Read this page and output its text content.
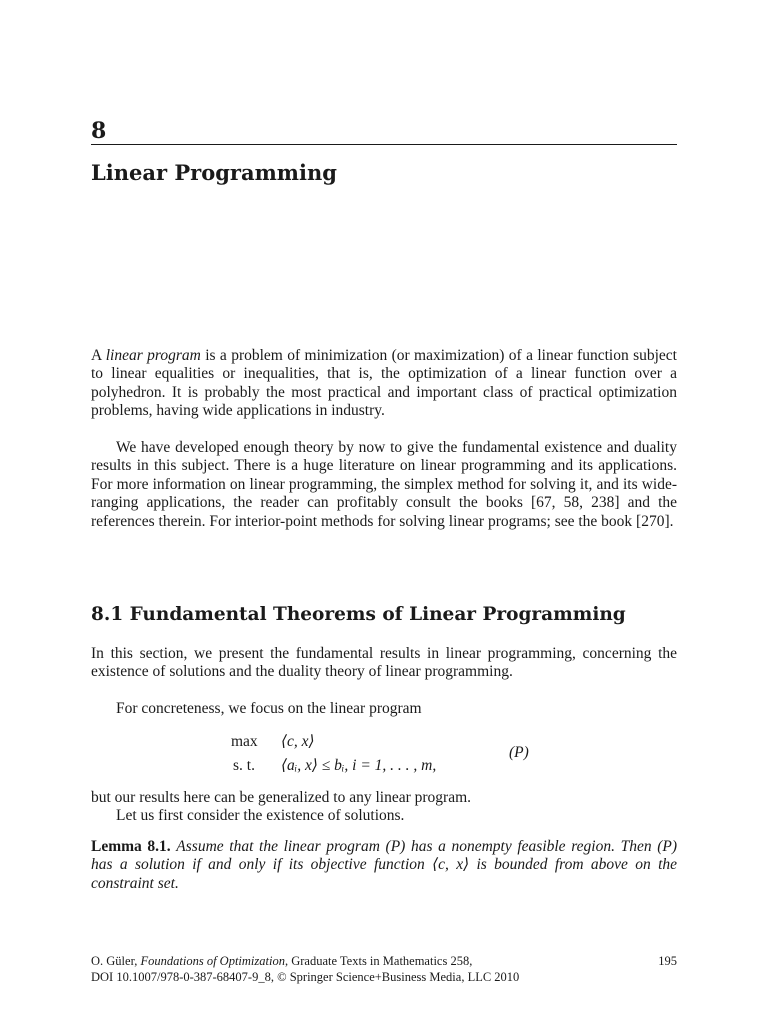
8
Linear Programming

A linear program is a problem of minimization (or maximization) of a linear function subject to linear equalities or inequalities, that is, the optimization of a linear function over a polyhedron. It is probably the most practical and important class of practical optimization problems, having wide applications in industry.

We have developed enough theory by now to give the fundamental existence and duality results in this subject. There is a huge literature on linear programming and its applications. For more information on linear programming, the simplex method for solving it, and its wide-ranging applications, the reader can profitably consult the books [67, 58, 238] and the references therein. For interior-point methods for solving linear programs; see the book [270].

8.1 Fundamental Theorems of Linear Programming

In this section, we present the fundamental results in linear programming, concerning the existence of solutions and the duality theory of linear programming.

For concreteness, we focus on the linear program

max
s. t.
⟨c, x⟩
⟨aᵢ, x⟩ ≤ bᵢ, i = 1, . . . , m,
(P)

but our results here can be generalized to any linear program.

Let us first consider the existence of solutions.

Lemma 8.1. Assume that the linear program (P) has a nonempty feasible region. Then (P) has a solution if and only if its objective function ⟨c, x⟩ is bounded from above on the constraint set.

O. Güler, Foundations of Optimization, Graduate Texts in Mathematics 258,
DOI 10.1007/978-0-387-68407-9_8, © Springer Science+Business Media, LLC 2010
195
